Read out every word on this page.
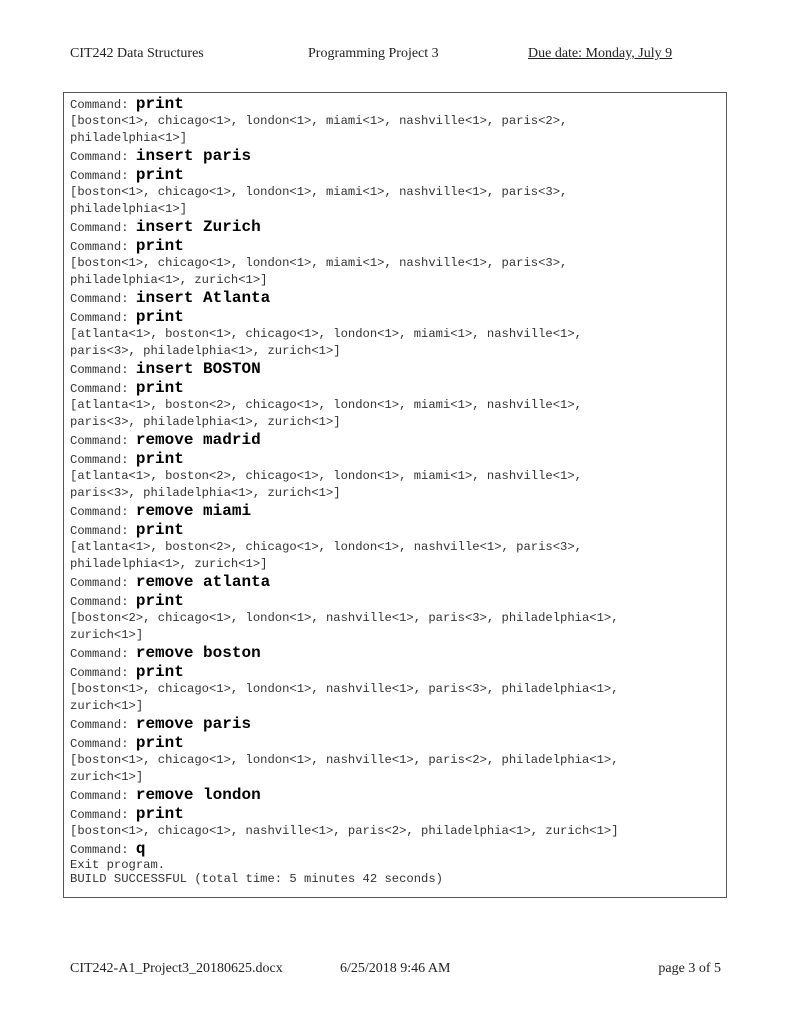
CIT242 Data Structures	Programming Project 3	Due date: Monday, July 9
Command: print
[boston<1>, chicago<1>, london<1>, miami<1>, nashville<1>, paris<2>,
philadelphia<1>]
Command: insert paris
Command: print
[boston<1>, chicago<1>, london<1>, miami<1>, nashville<1>, paris<3>,
philadelphia<1>]
Command: insert Zurich
Command: print
[boston<1>, chicago<1>, london<1>, miami<1>, nashville<1>, paris<3>,
philadelphia<1>, zurich<1>]
Command: insert Atlanta
Command: print
[atlanta<1>, boston<1>, chicago<1>, london<1>, miami<1>, nashville<1>,
paris<3>, philadelphia<1>, zurich<1>]
Command: insert BOSTON
Command: print
[atlanta<1>, boston<2>, chicago<1>, london<1>, miami<1>, nashville<1>,
paris<3>, philadelphia<1>, zurich<1>]
Command: remove madrid
Command: print
[atlanta<1>, boston<2>, chicago<1>, london<1>, miami<1>, nashville<1>,
paris<3>, philadelphia<1>, zurich<1>]
Command: remove miami
Command: print
[atlanta<1>, boston<2>, chicago<1>, london<1>, nashville<1>, paris<3>,
philadelphia<1>, zurich<1>]
Command: remove atlanta
Command: print
[boston<2>, chicago<1>, london<1>, nashville<1>, paris<3>, philadelphia<1>,
zurich<1>]
Command: remove boston
Command: print
[boston<1>, chicago<1>, london<1>, nashville<1>, paris<3>, philadelphia<1>,
zurich<1>]
Command: remove paris
Command: print
[boston<1>, chicago<1>, london<1>, nashville<1>, paris<2>, philadelphia<1>,
zurich<1>]
Command: remove london
Command: print
[boston<1>, chicago<1>, nashville<1>, paris<2>, philadelphia<1>, zurich<1>]
Command: q
Exit program.
BUILD SUCCESSFUL (total time: 5 minutes 42 seconds)
CIT242-A1_Project3_20180625.docx	6/25/2018 9:46 AM	page 3 of 5
